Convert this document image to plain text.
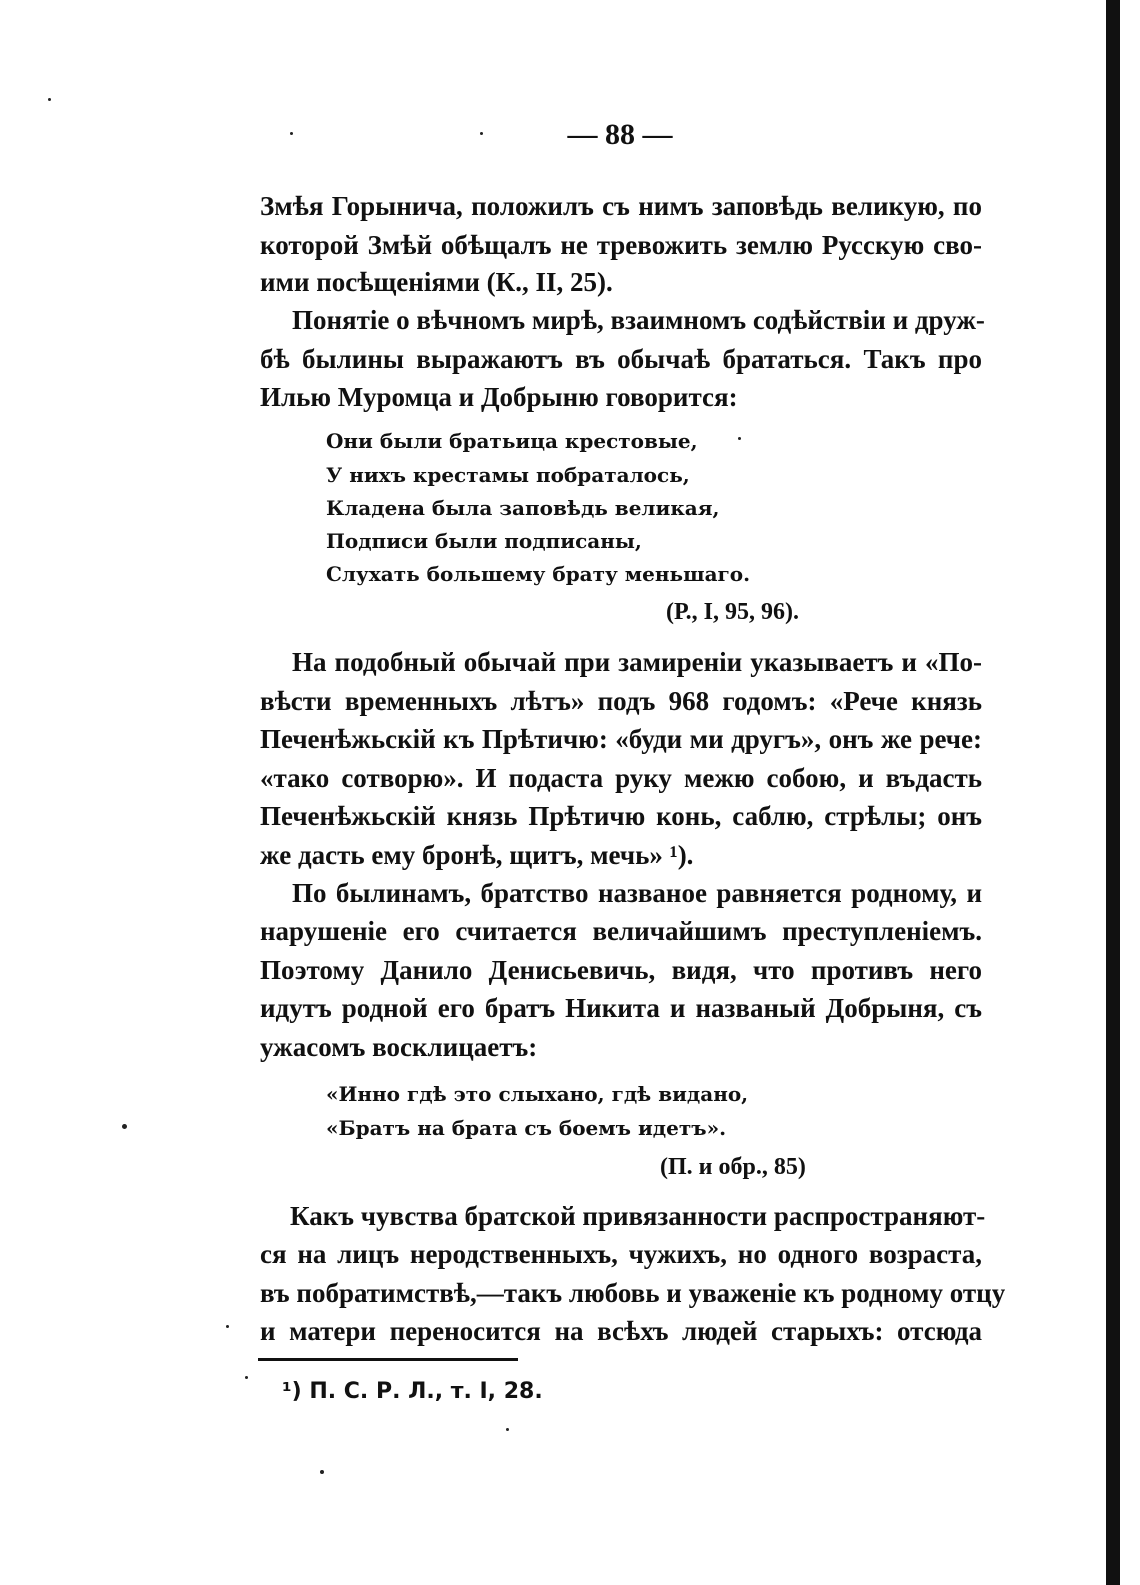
— 88 —
Змѣя Горынича, положилъ съ нимъ заповѣдь великую, по
которой Змѣй обѣщалъ не тревожить землю Русскую сво-
ими посѣщеніями (К., II, 25).
Понятіе о вѣчномъ мирѣ, взаимномъ содѣйствіи и друж-
бѣ былины выражаютъ въ обычаѣ брататься. Такъ про
Илью Муромца и Добрыню говорится:
Они были братьица крестовые,
У нихъ крестамы побраталось,
Кладена была заповѣдь великая,
Подписи были подписаны,
Слухать большему брату меньшаго.
(Р., I, 95, 96).
На подобный обычай при замиреніи указываетъ и «По-
вѣсти временныхъ лѣтъ» подъ 968 годомъ: «Рече князь
Печенѣжьскій къ Прѣтичю: «буди ми другъ», онъ же рече:
«тако сотворю». И подаста руку межю собою, и въдасть
Печенѣжьскій князь Прѣтичю конь, саблю, стрѣлы; онъ
же дасть ему бронѣ, щитъ, мечь» ¹).
По былинамъ, братство названое равняется родному, и
нарушеніе его считается величайшимъ преступленіемъ.
Поэтому Данило Денисьевичь, видя, что противъ него
идутъ родной его братъ Никита и названый Добрыня, съ
ужасомъ восклицаетъ:
«Инно гдѣ это слыхано, гдѣ видано,
«Братъ на брата съ боемъ идетъ».
(П. и обр., 85)
Какъ чувства братской привязанности распространяют-
ся на лицъ неродственныхъ, чужихъ, но одного возраста,
въ побратимствѣ,—такъ любовь и уваженіе къ родному отцу
и матери переносится на всѣхъ людей старыхъ: отсюда
¹) П. С. Р. Л., т. I, 28.
